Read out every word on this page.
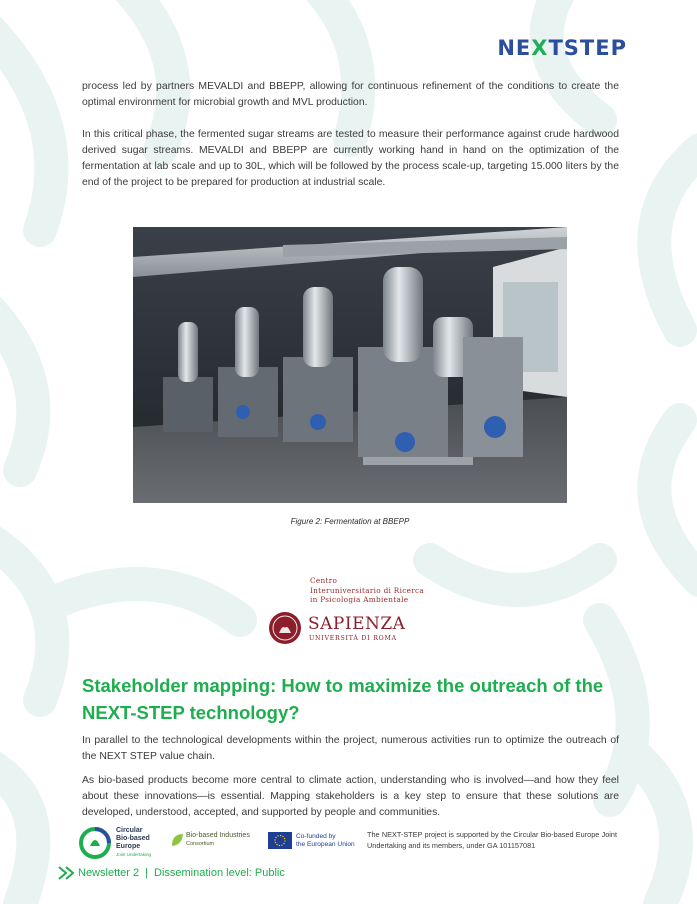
NEXTSTEP

process led by partners MEVALDI and BBEPP, allowing for continuous refinement of the conditions to create the optimal environment for microbial growth and MVL production.

In this critical phase, the fermented sugar streams are tested to measure their performance against crude hardwood derived sugar streams. MEVALDI and BBEPP are currently working hand in hand on the optimization of the fermentation at lab scale and up to 30L, which will be followed by the process scale-up, targeting 15.000 liters by the end of the project to be prepared for production at industrial scale.

Figure 2: Fermentation at BBEPP
Centro
Interuniversitario di Ricerca
in Psicologia Ambientale
SAPIENZA
UNIVERSITÀ DI ROMA
Stakeholder mapping: How to maximize the outreach of the NEXT-STEP technology?

In parallel to the technological developments within the project, numerous activities run to optimize the outreach of the NEXT STEP value chain.

As bio-based products become more central to climate action, understanding who is involved—and how they feel about these innovations—is essential. Mapping stakeholders is a key step to ensure that these solutions are developed, understood, accepted, and supported by people and communities.

Circular
Bio-based
Europe
Joint Undertaking
Bio-based Industries
Consortium
Co-funded by
the European Union
The NEXT-STEP project is supported by the Circular Bio-based Europe Joint Undertaking and its members, under GA 101157081
Newsletter 2 | Dissemination level: Public
